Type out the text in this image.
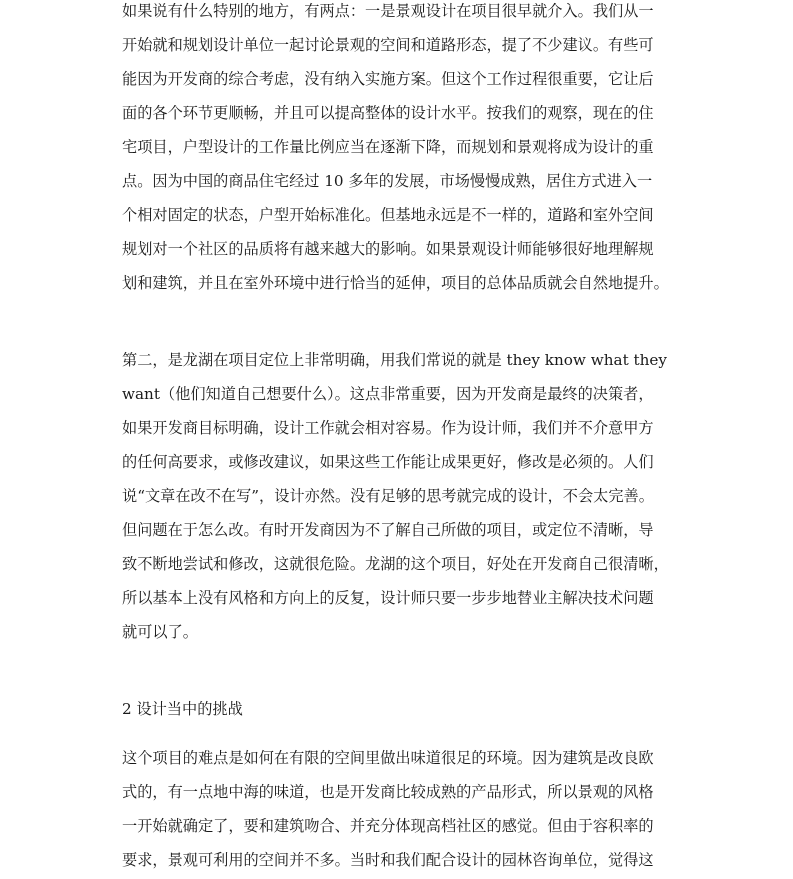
如果说有什么特别的地方，有两点：一是景观设计在项目很早就介入。我们从一
开始就和规划设计单位一起讨论景观的空间和道路形态，提了不少建议。有些可
能因为开发商的综合考虑，没有纳入实施方案。但这个工作过程很重要，它让后
面的各个环节更顺畅，并且可以提高整体的设计水平。按我们的观察，现在的住
宅项目，户型设计的工作量比例应当在逐渐下降，而规划和景观将成为设计的重
点。因为中国的商品住宅经过 10 多年的发展，市场慢慢成熟，居住方式进入一
个相对固定的状态，户型开始标准化。但基地永远是不一样的，道路和室外空间
规划对一个社区的品质将有越来越大的影响。如果景观设计师能够很好地理解规
划和建筑，并且在室外环境中进行恰当的延伸，项目的总体品质就会自然地提升。
第二，是龙湖在项目定位上非常明确，用我们常说的就是 they know what they
want（他们知道自己想要什么）。这点非常重要，因为开发商是最终的决策者，
如果开发商目标明确，设计工作就会相对容易。作为设计师，我们并不介意甲方
的任何高要求，或修改建议，如果这些工作能让成果更好，修改是必须的。人们
说“文章在改不在写”，设计亦然。没有足够的思考就完成的设计，不会太完善。
但问题在于怎么改。有时开发商因为不了解自己所做的项目，或定位不清晰，导
致不断地尝试和修改，这就很危险。龙湖的这个项目，好处在开发商自己很清晰，
所以基本上没有风格和方向上的反复，设计师只要一步步地替业主解决技术问题
就可以了。
2 设计当中的挑战
这个项目的难点是如何在有限的空间里做出味道很足的环境。因为建筑是改良欧
式的，有一点地中海的味道，也是开发商比较成熟的产品形式，所以景观的风格
一开始就确定了，要和建筑吻合、并充分体现高档社区的感觉。但由于容积率的
要求，景观可利用的空间并不多。当时和我们配合设计的园林咨询单位，觉得这
